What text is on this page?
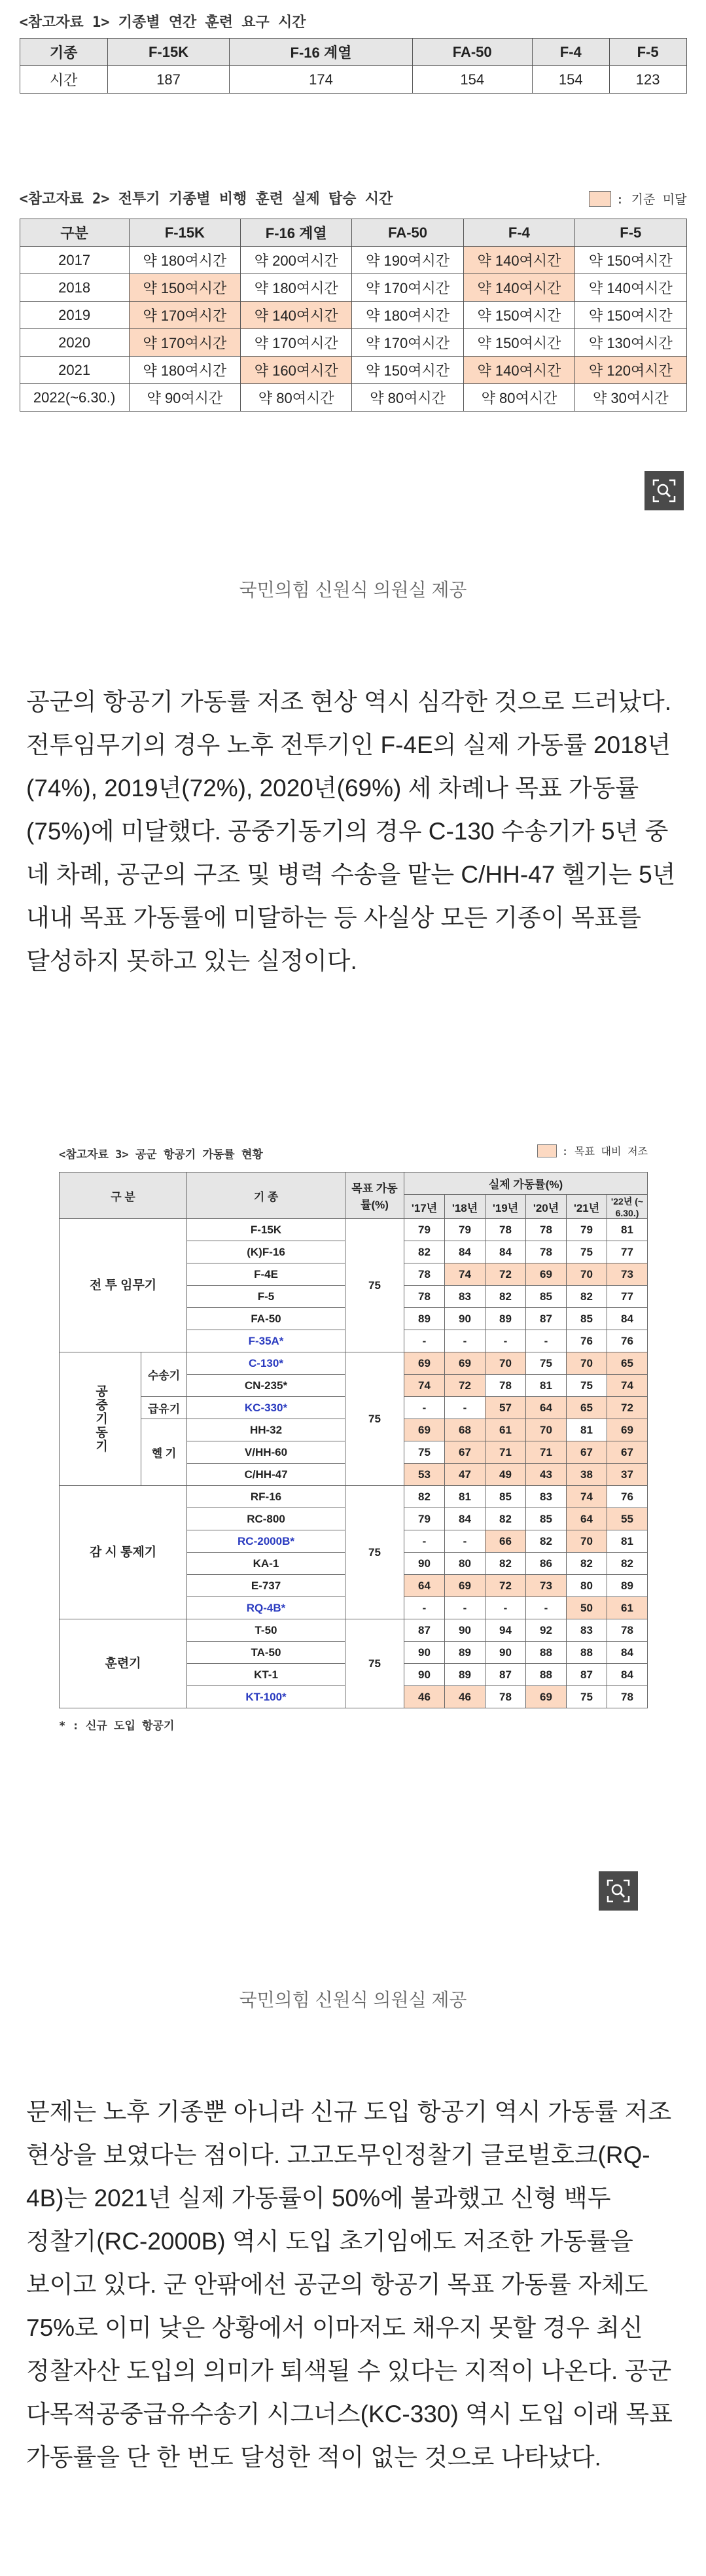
<참고자료 1> 기종별 연간 훈련 요구 시간
기종	F-15K	F-16 계열	FA-50	F-4	F-5
시간	187	174	154	154	123
<참고자료 2> 전투기 기종별 비행 훈련 실제 탑승 시간	: 기준 미달
구분	F-15K	F-16 계열	FA-50	F-4	F-5
2017	약 180여시간	약 200여시간	약 190여시간	약 140여시간	약 150여시간
2018	약 150여시간	약 180여시간	약 170여시간	약 140여시간	약 140여시간
2019	약 170여시간	약 140여시간	약 180여시간	약 150여시간	약 150여시간
2020	약 170여시간	약 170여시간	약 170여시간	약 150여시간	약 130여시간
2021	약 180여시간	약 160여시간	약 150여시간	약 140여시간	약 120여시간
2022(~6.30.)	약 90여시간	약 80여시간	약 80여시간	약 80여시간	약 30여시간
국민의힘 신원식 의원실 제공
공군의 항공기 가동률 저조 현상 역시 심각한 것으로 드러났다. 전투임무기의 경우 노후 전투기인 F-4E의 실제 가동률 2018년(74%), 2019년(72%), 2020년(69%) 세 차례나 목표 가동률(75%)에 미달했다. 공중기동기의 경우 C-130 수송기가 5년 중 네 차례, 공군의 구조 및 병력 수송을 맡는 C/HH-47 헬기는 5년 내내 목표 가동률에 미달하는 등 사실상 모든 기종이 목표를 달성하지 못하고 있는 실정이다.
<참고자료 3> 공군 항공기 가동률 현황	: 목표 대비 저조
구 분		기 종	목표 가동률(%)	실제 가동률(%)					
				'17년	'18년	'19년	'20년	'21년	'22년 (~ 6.30.)
전 투 임무기		F-15K	75	79	79	78	78	79	81
		(K)F-16		82	84	84	78	75	77
		F-4E		78	74	72	69	70	73
		F-5		78	83	82	85	82	77
		FA-50		89	90	89	87	85	84
		F-35A*		-	-	-	-	76	76
공중기동기	수송기	C-130*	75	69	69	70	75	70	65
		CN-235*		74	72	78	81	75	74
	급유기	KC-330*		-	-	57	64	65	72
	헬 기	HH-32		69	68	61	70	81	69
		V/HH-60		75	67	71	71	67	67
		C/HH-47		53	47	49	43	38	37
감 시 통제기		RF-16	75	82	81	85	83	74	76
		RC-800		79	84	82	85	64	55
		RC-2000B*		-	-	66	82	70	81
		KA-1		90	80	82	86	82	82
		E-737		64	69	72	73	80	89
		RQ-4B*		-	-	-	-	50	61
훈련기		T-50	75	87	90	94	92	83	78
		TA-50		90	89	90	88	88	84
		KT-1		90	89	87	88	87	84
		KT-100*		46	46	78	69	75	78
* : 신규 도입 항공기
국민의힘 신원식 의원실 제공
문제는 노후 기종뿐 아니라 신규 도입 항공기 역시 가동률 저조 현상을 보였다는 점이다. 고고도무인정찰기 글로벌호크(RQ-4B)는 2021년 실제 가동률이 50%에 불과했고 신형 백두 정찰기(RC-2000B) 역시 도입 초기임에도 저조한 가동률을 보이고 있다. 군 안팎에선 공군의 항공기 목표 가동률 자체도 75%로 이미 낮은 상황에서 이마저도 채우지 못할 경우 최신 정찰자산 도입의 의미가 퇴색될 수 있다는 지적이 나온다. 공군 다목적공중급유수송기 시그너스(KC-330) 역시 도입 이래 목표 가동률을 단 한 번도 달성한 적이 없는 것으로 나타났다.
